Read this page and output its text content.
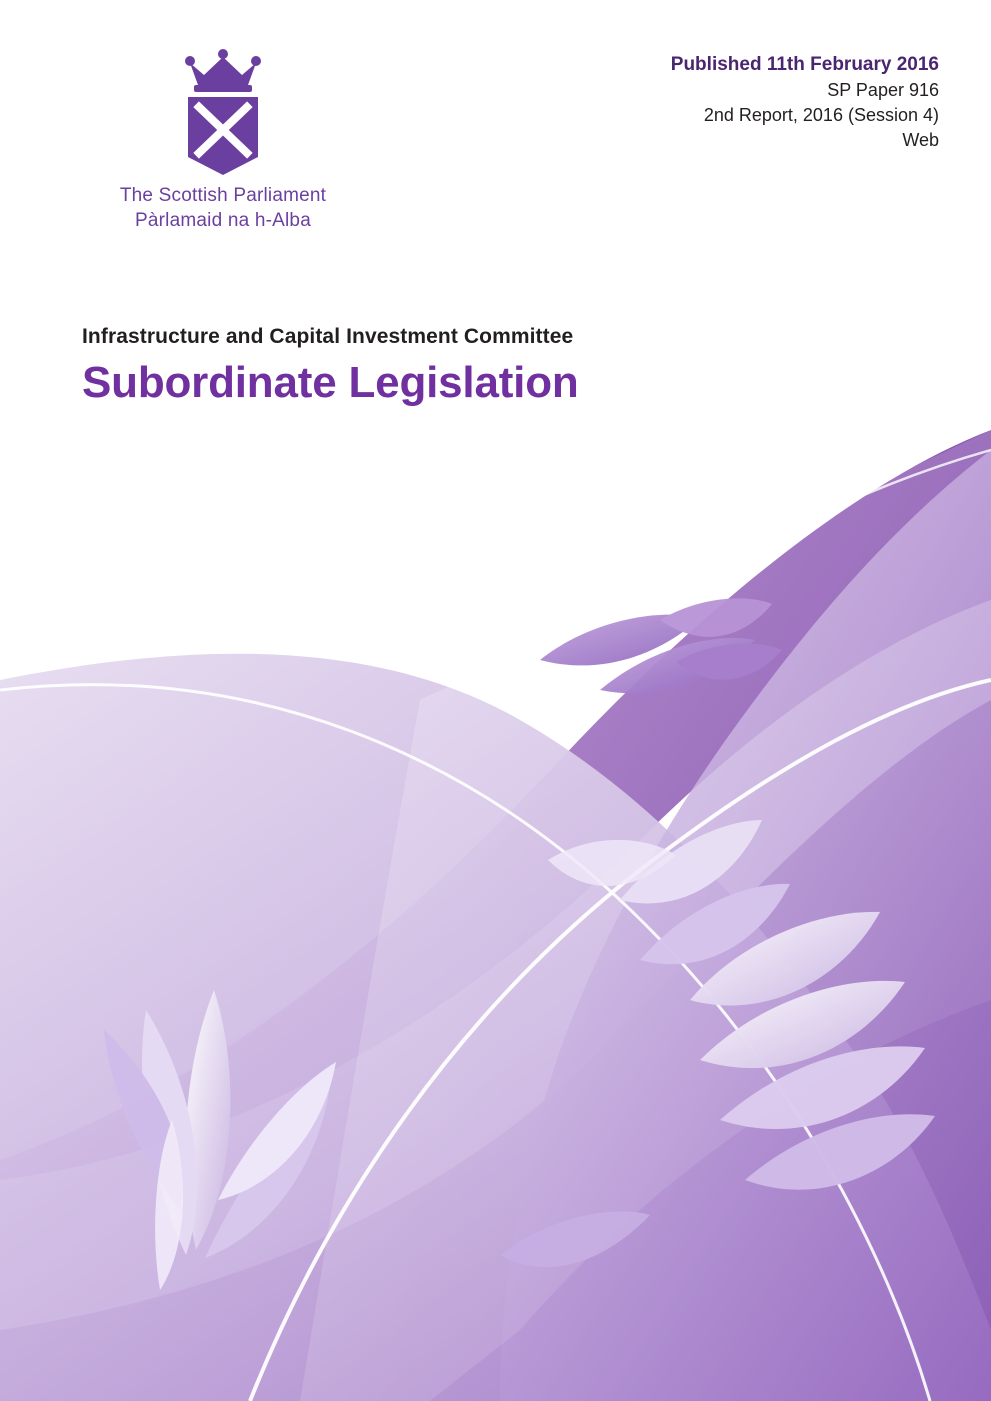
The Scottish Parliament
Pàrlamaid na h-Alba
Published 11th February 2016
SP Paper 916
2nd Report, 2016 (Session 4)
Web
Infrastructure and Capital Investment Committee
Subordinate Legislation
